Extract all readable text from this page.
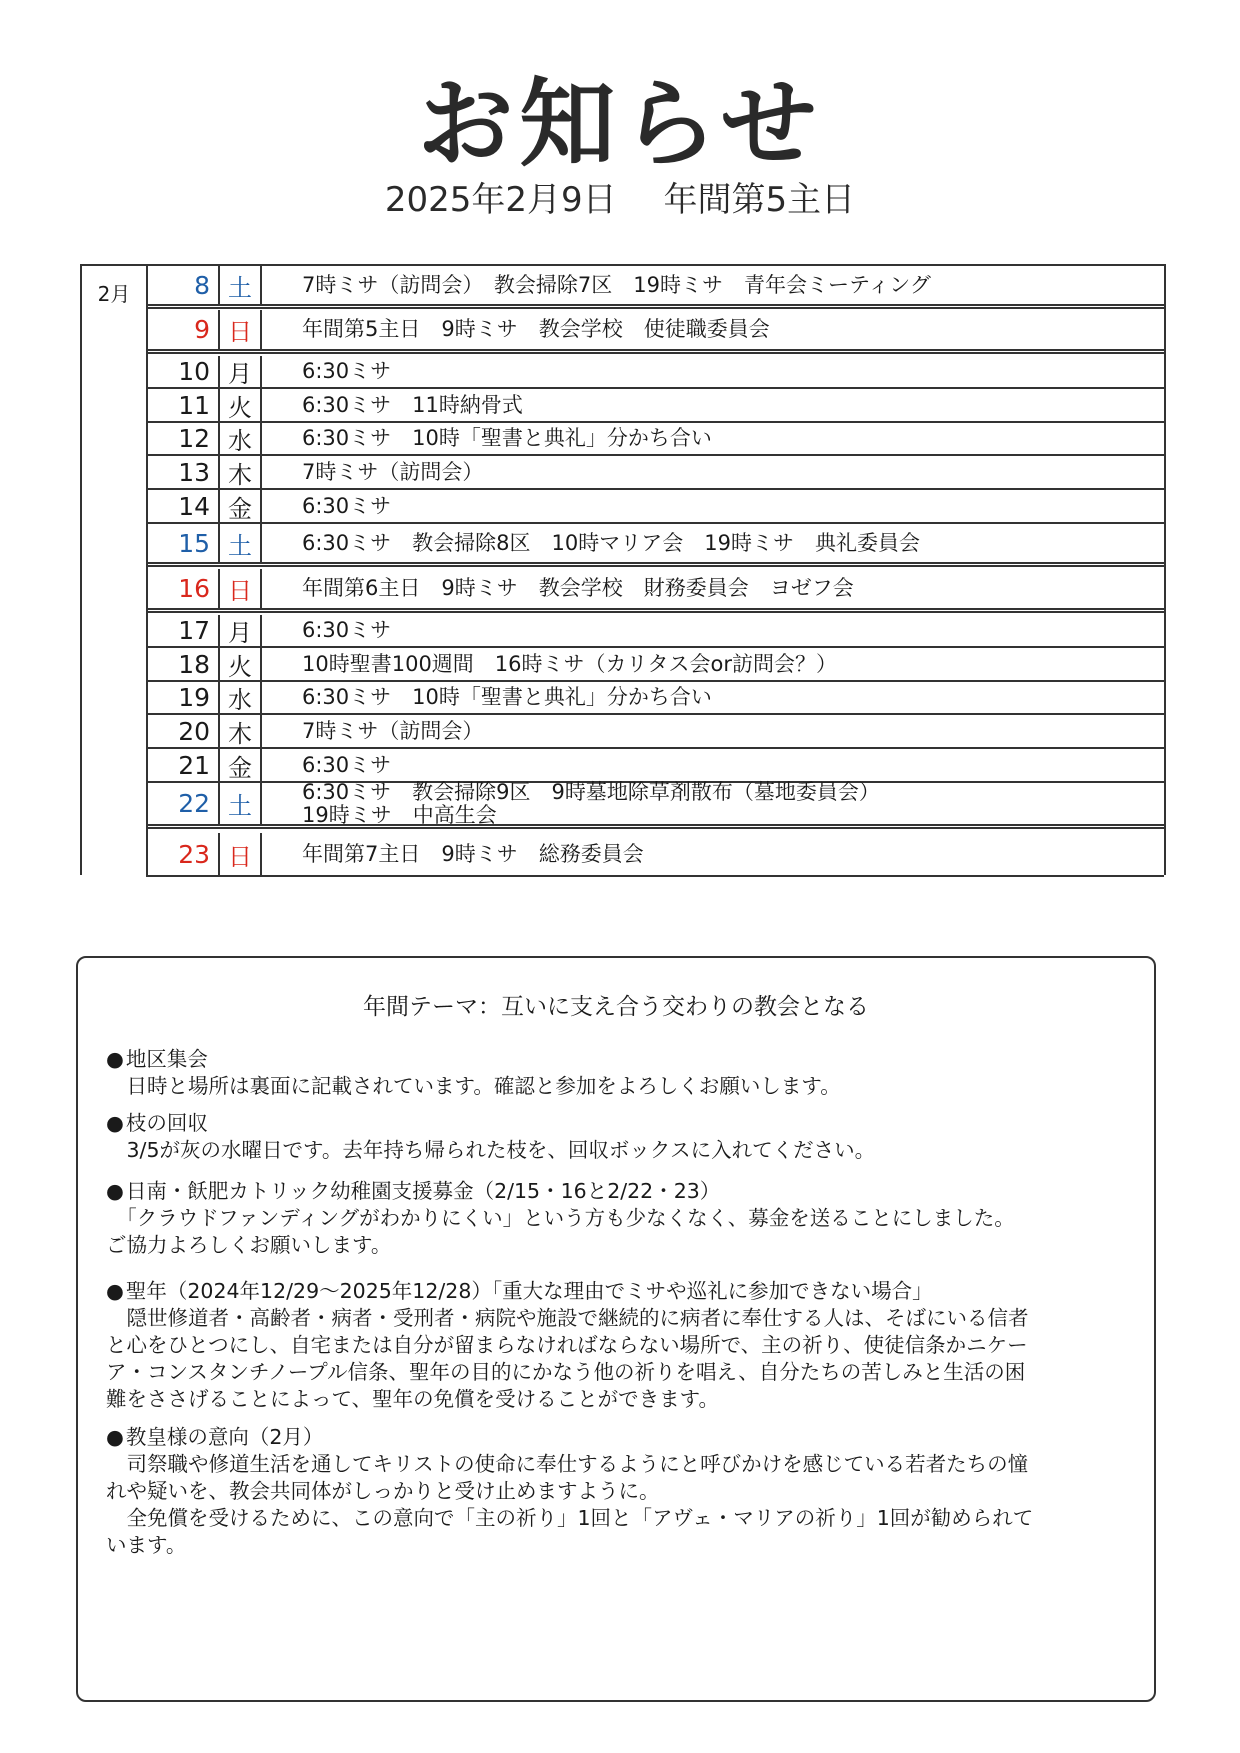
お知らせ
2025年2月9日 年間第5主日
2月	8 土	7時ミサ（訪問会）　教会掃除7区　19時ミサ　青年会ミーティング
9 日	年間第5主日　9時ミサ　教会学校　使徒職委員会
10 月	6:30ミサ
11 火	6:30ミサ　11時納骨式
12 水	6:30ミサ　10時「聖書と典礼」分かち合い
13 木	7時ミサ（訪問会）
14 金	6:30ミサ
15 土	6:30ミサ　教会掃除8区　10時マリア会　19時ミサ　典礼委員会
16 日	年間第6主日　9時ミサ　教会学校　財務委員会　ヨゼフ会
17 月	6:30ミサ
18 火	10時聖書100週間　16時ミサ（カリタス会or訪問会？）
19 水	6:30ミサ　10時「聖書と典礼」分かち合い
20 木	7時ミサ（訪問会）
21 金	6:30ミサ
22 土
6:30ミサ　教会掃除9区　9時墓地除草剤散布（墓地委員会）
19時ミサ　中高生会
23 日	年間第7主日　9時ミサ　総務委員会
年間テーマ：互いに支え合う交わりの教会となる

●地区集会

　日時と場所は裏面に記載されています。確認と参加をよろしくお願いします。

●枝の回収

　3/5が灰の水曜日です。去年持ち帰られた枝を、回収ボックスに入れてください。

●日南・飫肥カトリック幼稚園支援募金（2/15・16と2/22・23）

　「クラウドファンディングがわかりにくい」という方も少なくなく、募金を送ることにしました。
ご協力よろしくお願いします。

●聖年（2024年12/29～2025年12/28）「重大な理由でミサや巡礼に参加できない場合」

　隠世修道者・高齢者・病者・受刑者・病院や施設で継続的に病者に奉仕する人は、そばにいる信者
と心をひとつにし、自宅または自分が留まらなければならない場所で、主の祈り、使徒信条かニケー
ア・コンスタンチノープル信条、聖年の目的にかなう他の祈りを唱え、自分たちの苦しみと生活の困
難をささげることによって、聖年の免償を受けることができます。

●教皇様の意向（2月）

　司祭職や修道生活を通してキリストの使命に奉仕するようにと呼びかけを感じている若者たちの憧
れや疑いを、教会共同体がしっかりと受け止めますように。
　全免償を受けるために、この意向で「主の祈り」1回と「アヴェ・マリアの祈り」1回が勧められて
います。
